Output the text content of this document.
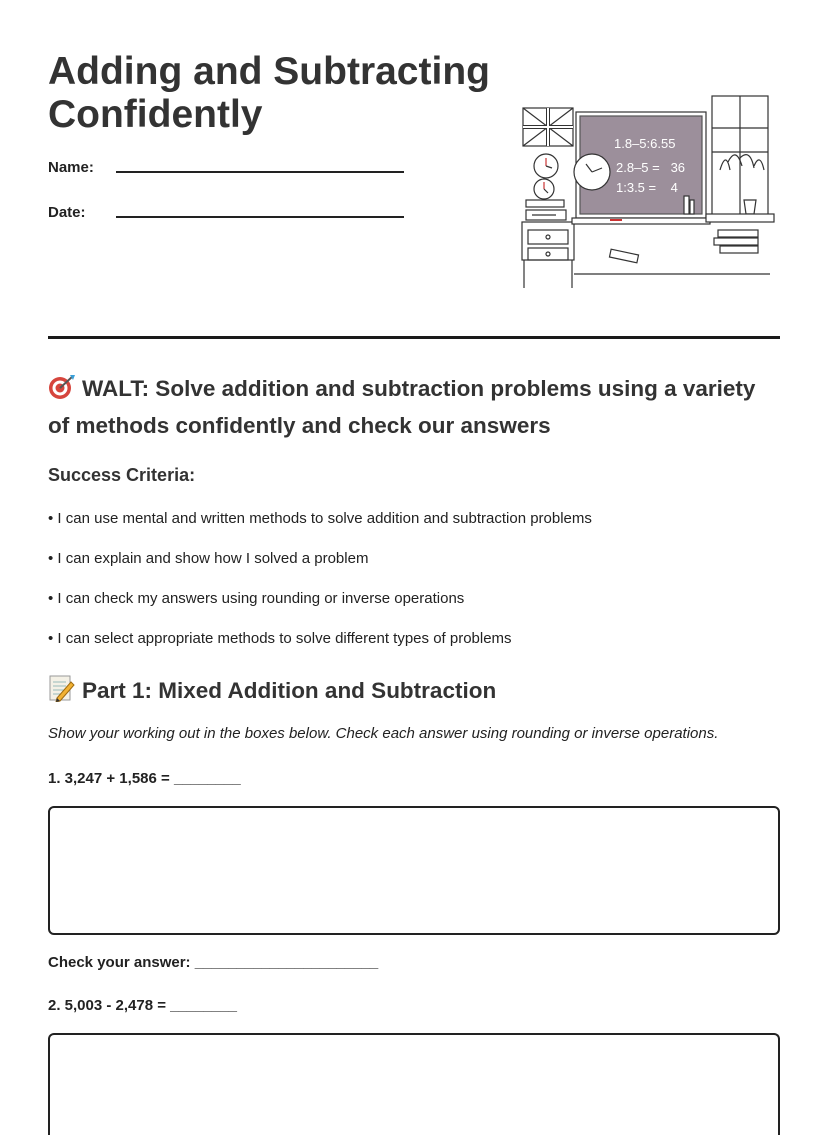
Adding and Subtracting Confidently
Name:
Date:
1.8–5:6.55
2.8–5 =   36
1:3.5 =    4
WALT: Solve addition and subtraction problems using a variety of methods confidently and check our answers
Success Criteria:
• I can use mental and written methods to solve addition and subtraction problems
• I can explain and show how I solved a problem
• I can check my answers using rounding or inverse operations
• I can select appropriate methods to solve different types of problems
Part 1: Mixed Addition and Subtraction
Show your working out in the boxes below. Check each answer using rounding or inverse operations.
1. 3,247 + 1,586 = ________
Check your answer: ______________________
2. 5,003 - 2,478 = ________
